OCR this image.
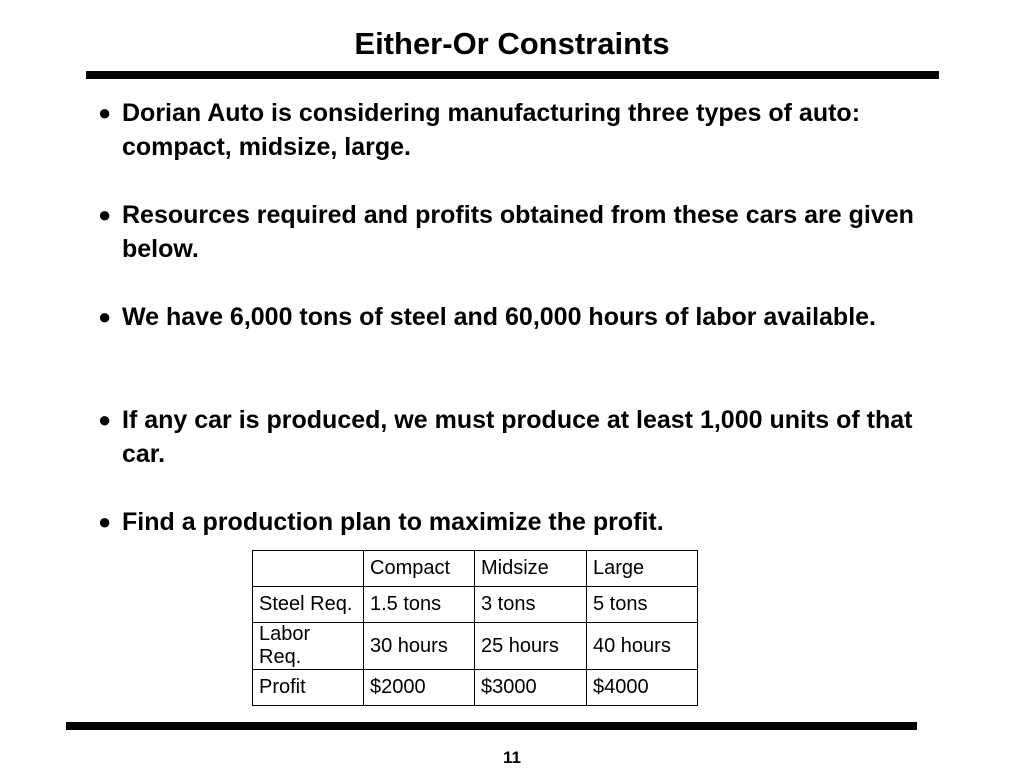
Either-Or Constraints
● Dorian Auto is considering manufacturing three types of auto: compact, midsize, large.
● Resources required and profits obtained from these cars are given below.
● We have 6,000 tons of steel and 60,000 hours of labor available.
● If any car is produced, we must produce at least 1,000 units of that car.
● Find a production plan to maximize the profit.
	Compact	Midsize	Large
Steel Req.	1.5 tons	3 tons	5 tons
Labor Req.	30 hours	25 hours	40 hours
Profit	$2000	$3000	$4000
11
